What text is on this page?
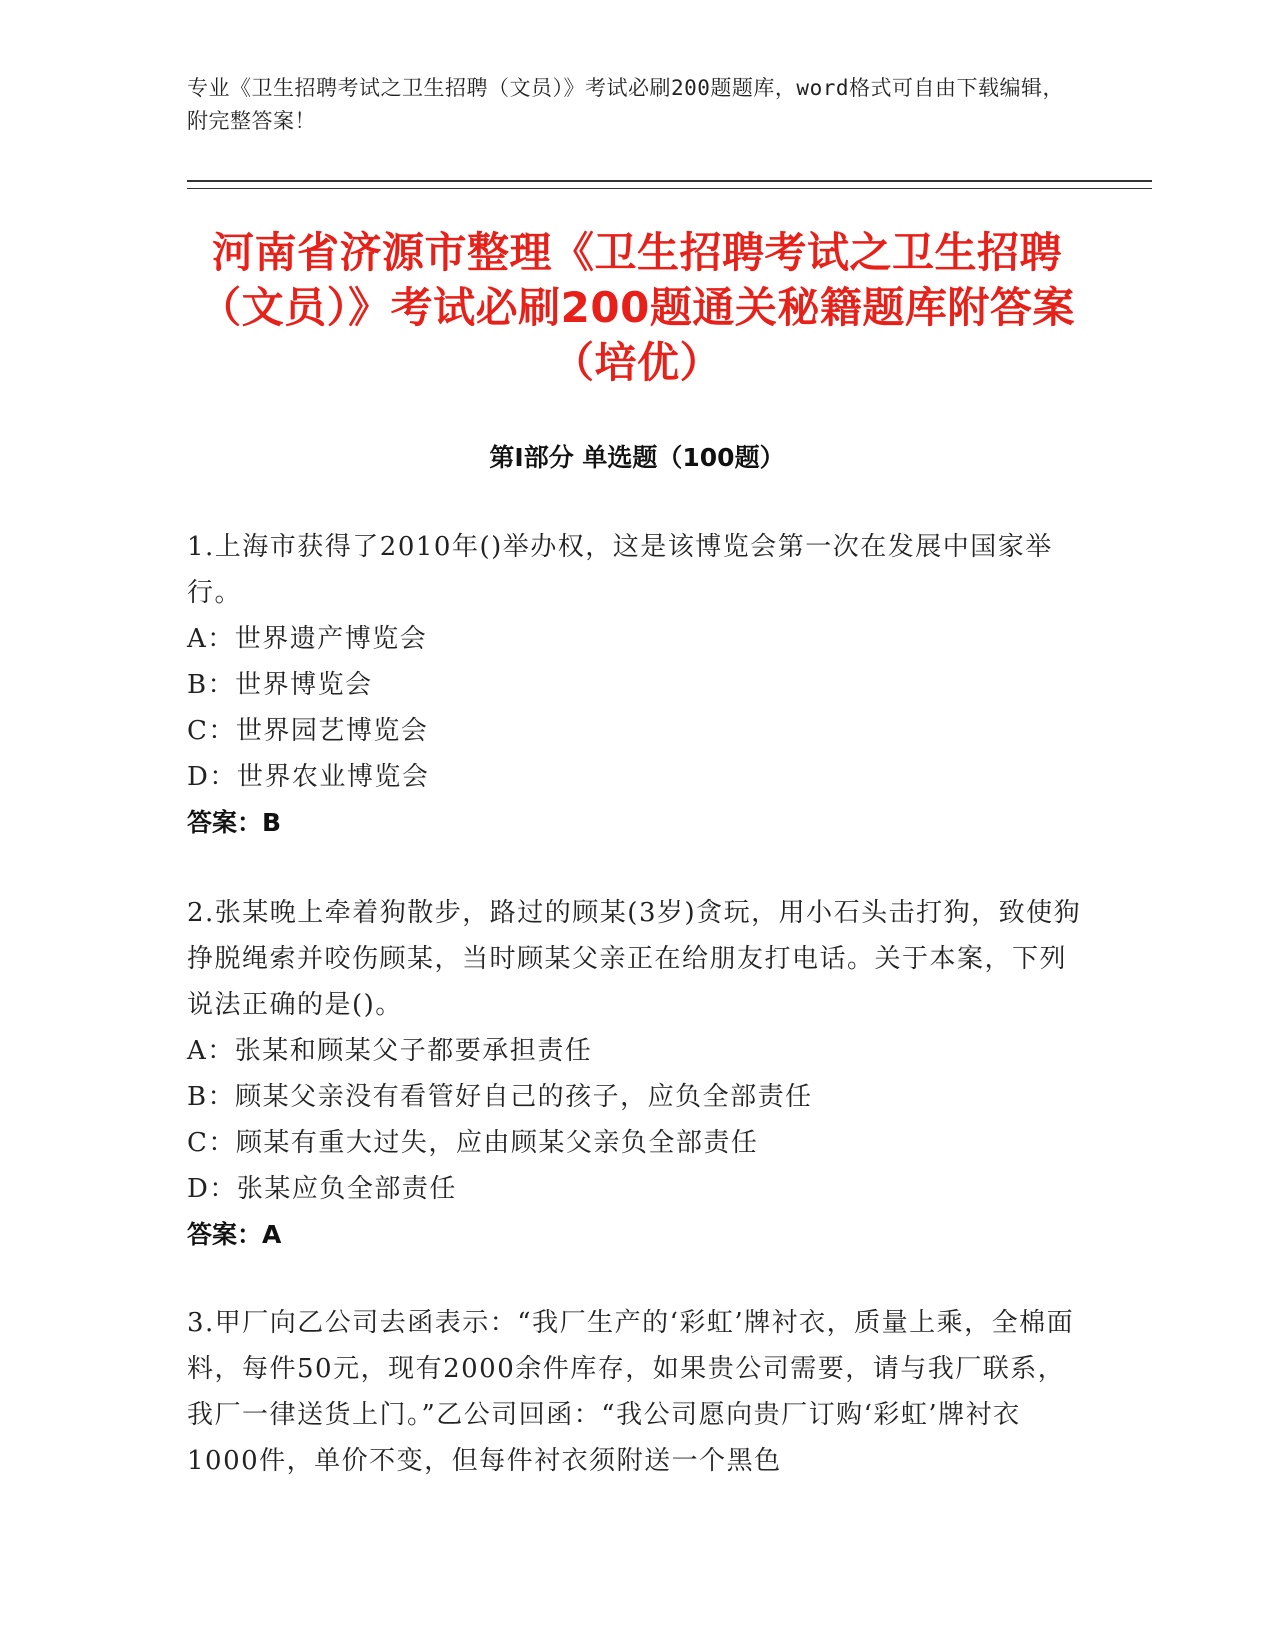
专业《卫生招聘考试之卫生招聘（文员）》考试必刷200题题库，word格式可自由下载编辑，附完整答案！
河南省济源市整理《卫生招聘考试之卫生招聘（文员）》考试必刷200题通关秘籍题库附答案（培优）
第Ⅰ部分 单选题（100题）
1.上海市获得了2010年()举办权，这是该博览会第一次在发展中国家举行。
A：世界遗产博览会
B：世界博览会
C：世界园艺博览会
D：世界农业博览会
答案：B
2.张某晚上牵着狗散步，路过的顾某(3岁)贪玩，用小石头击打狗，致使狗挣脱绳索并咬伤顾某，当时顾某父亲正在给朋友打电话。关于本案，下列说法正确的是()。
A：张某和顾某父子都要承担责任
B：顾某父亲没有看管好自己的孩子，应负全部责任
C：顾某有重大过失，应由顾某父亲负全部责任
D：张某应负全部责任
答案：A
3.甲厂向乙公司去函表示：“我厂生产的‘彩虹’牌衬衣，质量上乘，全棉面料，每件50元，现有2000余件库存，如果贵公司需要，请与我厂联系，我厂一律送货上门。”乙公司回函：“我公司愿向贵厂订购‘彩虹’牌衬衣1000件，单价不变，但每件衬衣须附送一个黑色
